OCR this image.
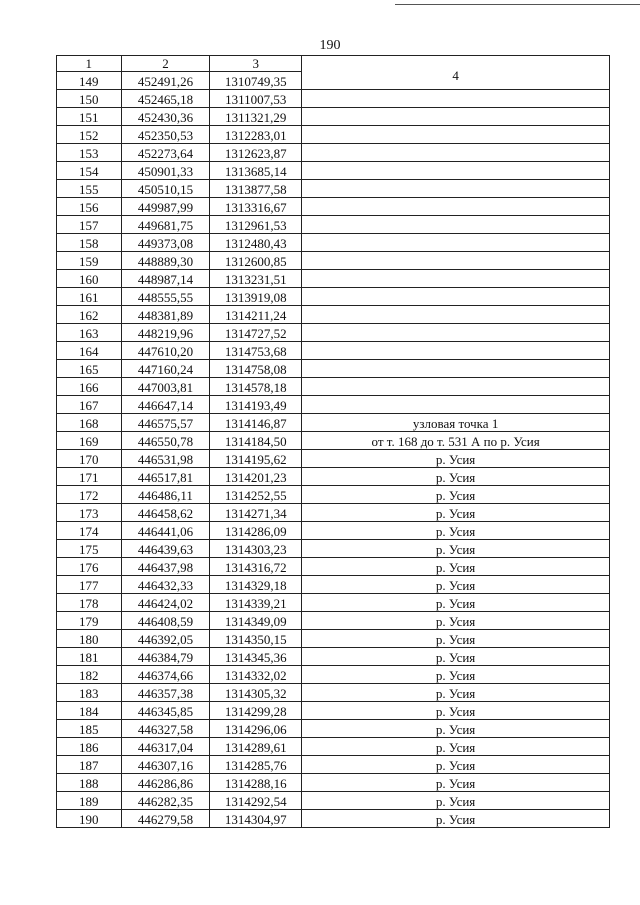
190
1	2	3	4
149	452491,26	1310749,35	
150	452465,18	1311007,53	
151	452430,36	1311321,29	
152	452350,53	1312283,01	
153	452273,64	1312623,87	
154	450901,33	1313685,14	
155	450510,15	1313877,58	
156	449987,99	1313316,67	
157	449681,75	1312961,53	
158	449373,08	1312480,43	
159	448889,30	1312600,85	
160	448987,14	1313231,51	
161	448555,55	1313919,08	
162	448381,89	1314211,24	
163	448219,96	1314727,52	
164	447610,20	1314753,68	
165	447160,24	1314758,08	
166	447003,81	1314578,18	
167	446647,14	1314193,49	
168	446575,57	1314146,87	узловая точка 1
169	446550,78	1314184,50	от т. 168 до т. 531 А по р. Усия
170	446531,98	1314195,62	р. Усия
171	446517,81	1314201,23	р. Усия
172	446486,11	1314252,55	р. Усия
173	446458,62	1314271,34	р. Усия
174	446441,06	1314286,09	р. Усия
175	446439,63	1314303,23	р. Усия
176	446437,98	1314316,72	р. Усия
177	446432,33	1314329,18	р. Усия
178	446424,02	1314339,21	р. Усия
179	446408,59	1314349,09	р. Усия
180	446392,05	1314350,15	р. Усия
181	446384,79	1314345,36	р. Усия
182	446374,66	1314332,02	р. Усия
183	446357,38	1314305,32	р. Усия
184	446345,85	1314299,28	р. Усия
185	446327,58	1314296,06	р. Усия
186	446317,04	1314289,61	р. Усия
187	446307,16	1314285,76	р. Усия
188	446286,86	1314288,16	р. Усия
189	446282,35	1314292,54	р. Усия
190	446279,58	1314304,97	р. Усия
